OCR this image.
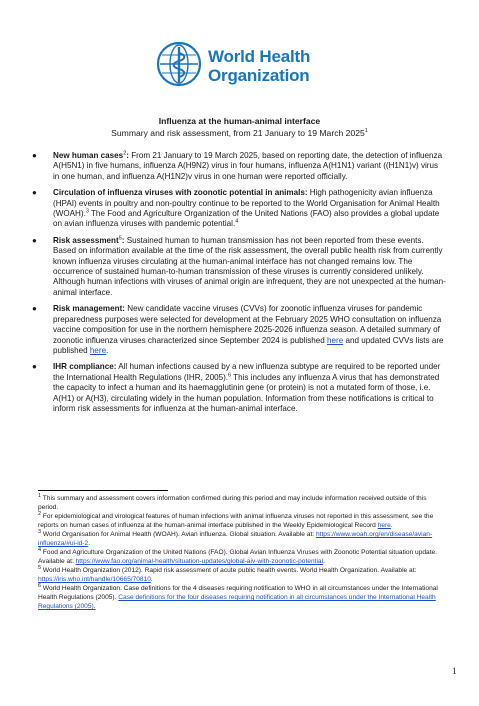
World Health
Organization
Influenza at the human-animal interface
Summary and risk assessment, from 21 January to 19 March 2025$^1$
● New human cases$^2$: From 21 January to 19 March 2025, based on reporting date, the detection of influenza A(H5N1) in five humans, influenza A(H9N2) virus in four humans, influenza A(H1N1) variant ((H1N1)v) virus in one human, and influenza A(H1N2)v virus in one human were reported officially.
● Circulation of influenza viruses with zoonotic potential in animals: High pathogenicity avian influenza (HPAI) events in poultry and non-poultry continue to be reported to the World Organisation for Animal Health (WOAH).$^3$ The Food and Agriculture Organization of the United Nations (FAO) also provides a global update on avian influenza viruses with pandemic potential.$^4$
● Risk assessment$^5$: Sustained human to human transmission has not been reported from these events. Based on information available at the time of the risk assessment, the overall public health risk from currently known influenza viruses circulating at the human-animal interface has not changed remains low. The occurrence of sustained human-to-human transmission of these viruses is currently considered unlikely. Although human infections with viruses of animal origin are infrequent, they are not unexpected at the human-animal interface.
● Risk management: New candidate vaccine viruses (CVVs) for zoonotic influenza viruses for pandemic preparedness purposes were selected for development at the February 2025 WHO consultation on influenza vaccine composition for use in the northern hemisphere 2025-2026 influenza season. A detailed summary of zoonotic influenza viruses characterized since September 2024 is published here and updated CVVs lists are published here.
● IHR compliance: All human infections caused by a new influenza subtype are required to be reported under the International Health Regulations (IHR, 2005).$^6$ This includes any influenza A virus that has demonstrated the capacity to infect a human and its haemagglutinin gene (or protein) is not a mutated form of those, i.e. A(H1) or A(H3), circulating widely in the human population. Information from these notifications is critical to inform risk assessments for influenza at the human-animal interface.
$^1$ This summary and assessment covers information confirmed during this period and may include information received outside of this period.
$^2$ For epidemiological and virological features of human infections with animal influenza viruses not reported in this assessment, see the reports on human cases of influenza at the human-animal interface published in the Weekly Epidemiological Record here.
$^3$ World Organisation for Animal Health (WOAH). Avian influenza. Global situation. Available at: https://www.woah.org/en/disease/avian-influenza/#ui-id-2.
$^4$ Food and Agriculture Organization of the United Nations (FAO). Global Avian Influenza Viruses with Zoonotic Potential situation update. Available at: https://www.fao.org/animal-health/situation-updates/global-aiv-with-zoonotic-potential.
$^5$ World Health Organization (2012). Rapid risk assessment of acute public health events. World Health Organization. Available at: https://iris.who.int/handle/10665/70810.
$^6$ World Health Organization. Case definitions for the 4 diseases requiring notification to WHO in all circumstances under the International Health Regulations (2005). Case definitions for the four diseases requiring notification in all circumstances under the International Health Regulations (2005).
1
